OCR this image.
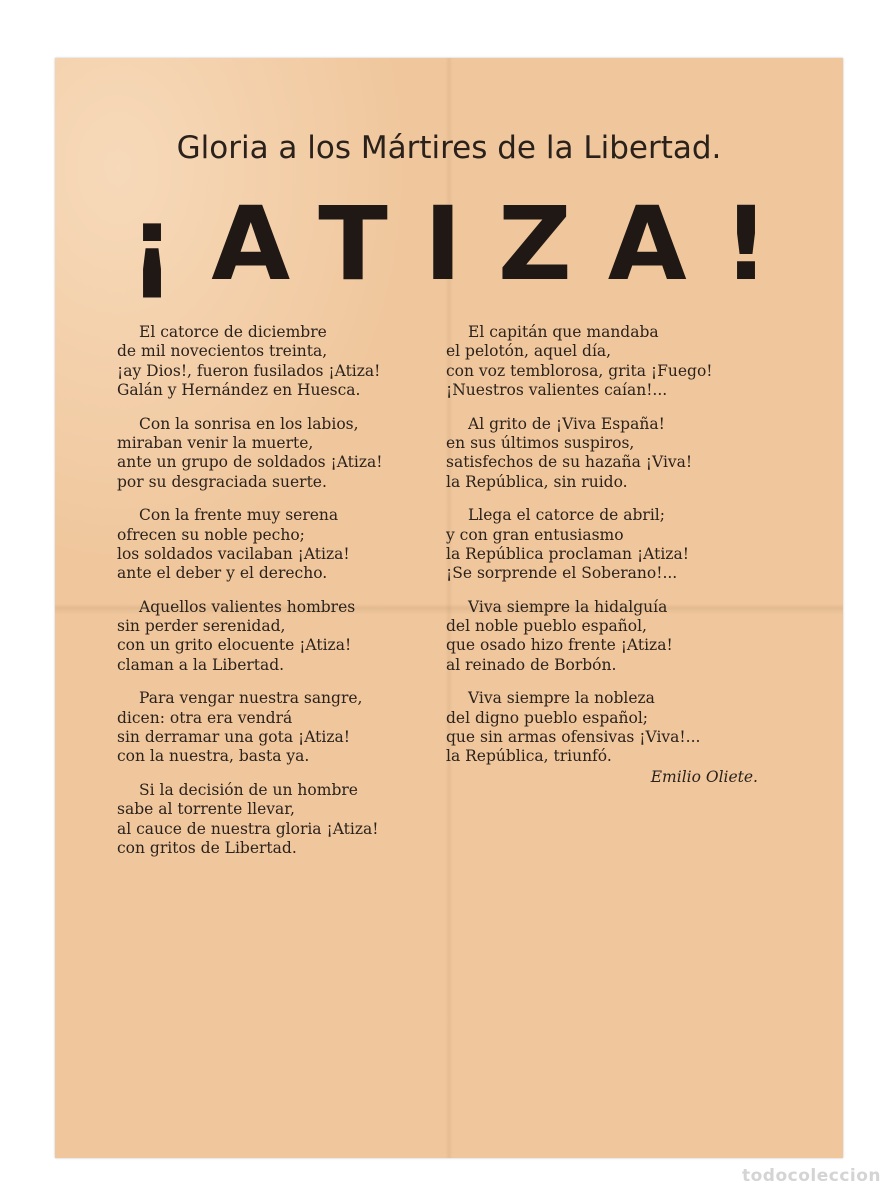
Gloria a los Mártires de la Libertad.
¡ATIZA!
El catorce de diciembre
de mil novecientos treinta,
¡ay Dios!, fueron fusilados ¡Atiza!
Galán y Hernández en Huesca.
Con la sonrisa en los labios,
miraban venir la muerte,
ante un grupo de soldados ¡Atiza!
por su desgraciada suerte.
Con la frente muy serena
ofrecen su noble pecho;
los soldados vacilaban ¡Atiza!
ante el deber y el derecho.
Aquellos valientes hombres
sin perder serenidad,
con un grito elocuente ¡Atiza!
claman a la Libertad.
Para vengar nuestra sangre,
dicen: otra era vendrá
sin derramar una gota ¡Atiza!
con la nuestra, basta ya.
Si la decisión de un hombre
sabe al torrente llevar,
al cauce de nuestra gloria ¡Atiza!
con gritos de Libertad.
El capitán que mandaba
el pelotón, aquel día,
con voz temblorosa, grita ¡Fuego!
¡Nuestros valientes caían!...
Al grito de ¡Viva España!
en sus últimos suspiros,
satisfechos de su hazaña ¡Viva!
la República, sin ruido.
Llega el catorce de abril;
y con gran entusiasmo
la República proclaman ¡Atiza!
¡Se sorprende el Soberano!...
Viva siempre la hidalguía
del noble pueblo español,
que osado hizo frente ¡Atiza!
al reinado de Borbón.
Viva siempre la nobleza
del digno pueblo español;
que sin armas ofensivas ¡Viva!...
la República, triunfó.
Emilio Oliete.
todocoleccion
